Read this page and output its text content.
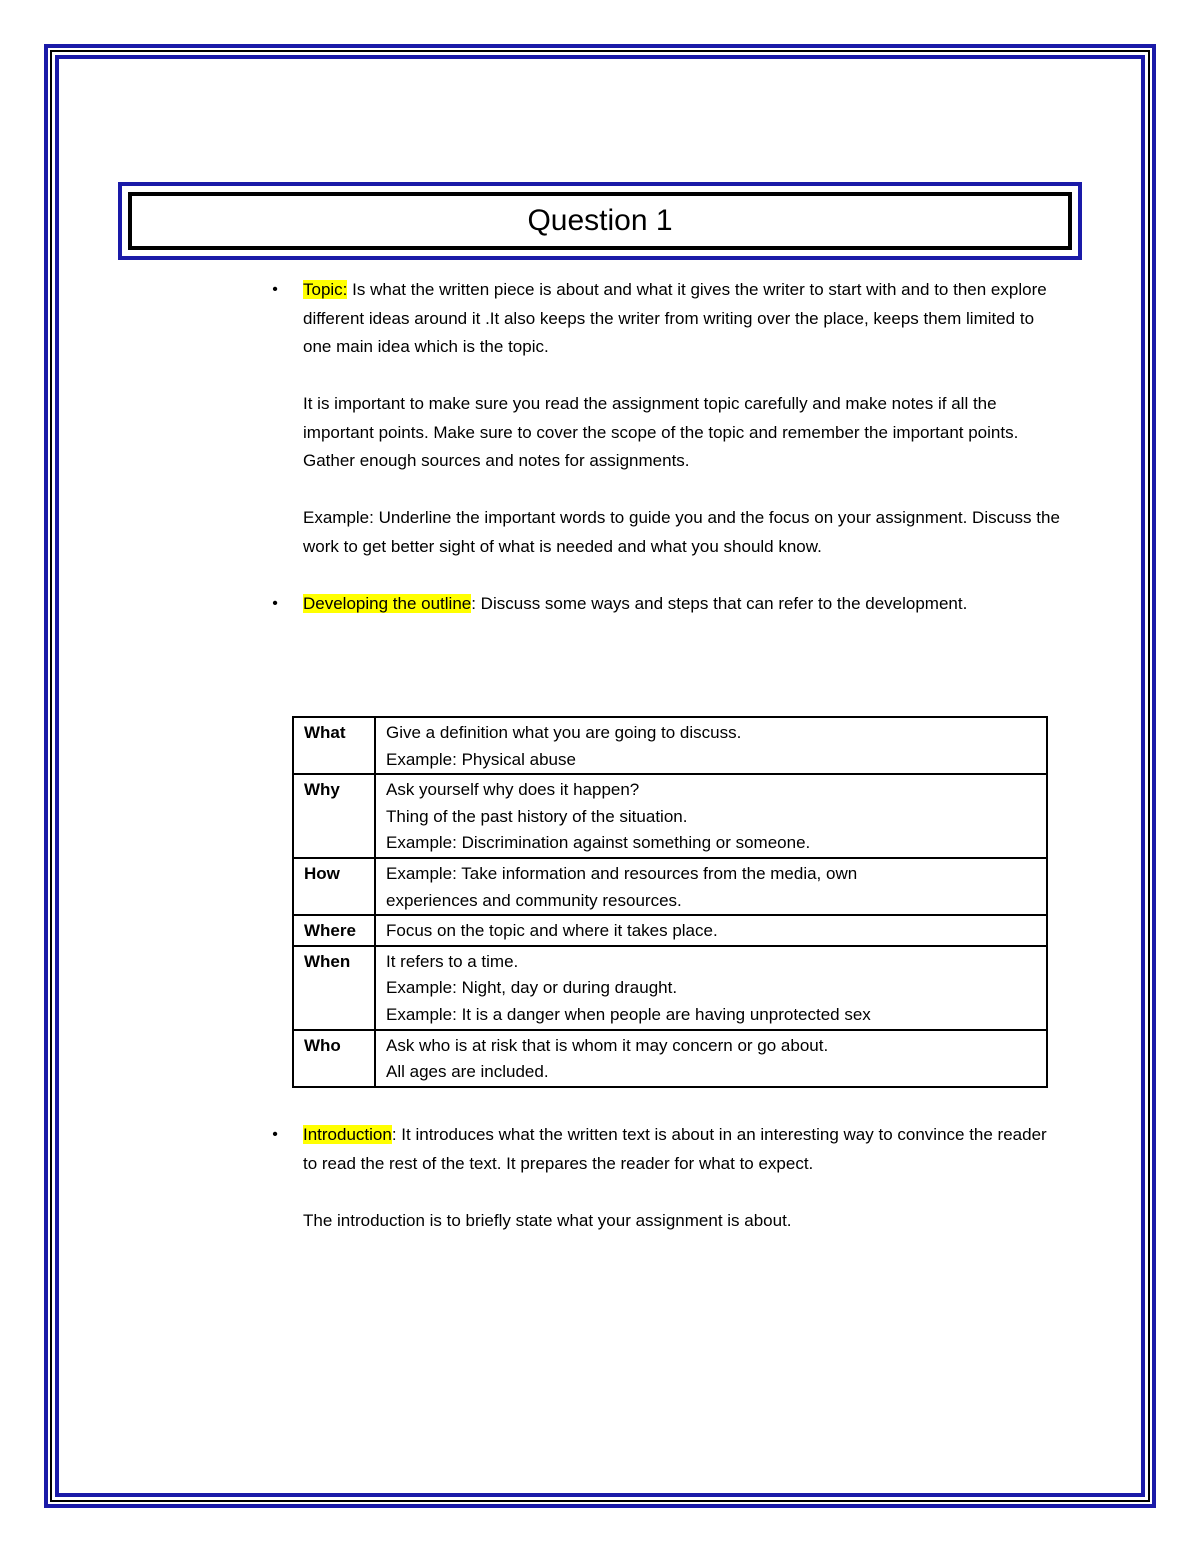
Question 1
•	Topic: Is what the written piece is about and what it gives the writer to start with and to then explore different ideas around it .It also keeps the writer from writing over the place, keeps them limited to one main idea which is the topic.

It is important to make sure you read the assignment topic carefully and make notes if all the important points. Make sure to cover the scope of the topic and remember the important points. Gather enough sources and notes for assignments.

Example: Underline the important words to guide you and the focus on your assignment. Discuss the work to get better sight of what is needed and what you should know.

•	Developing the outline: Discuss some ways and steps that can refer to the development.

What	Give a definition what you are going to discuss.
Example: Physical abuse

Why	Ask yourself why does it happen?
Thing of the past history of the situation.
Example: Discrimination against something or someone.

How	Example: Take information and resources from the media, own
experiences and community resources.

Where	Focus on the topic and where it takes place.

When	It refers to a time.
Example: Night, day or during draught.
Example: It is a danger when people are having unprotected sex

Who	Ask who is at risk that is whom it may concern or go about.
All ages are included.
•	Introduction: It introduces what the written text is about in an interesting way to convince the reader to read the rest of the text. It prepares the reader for what to expect.

The introduction is to briefly state what your assignment is about.
